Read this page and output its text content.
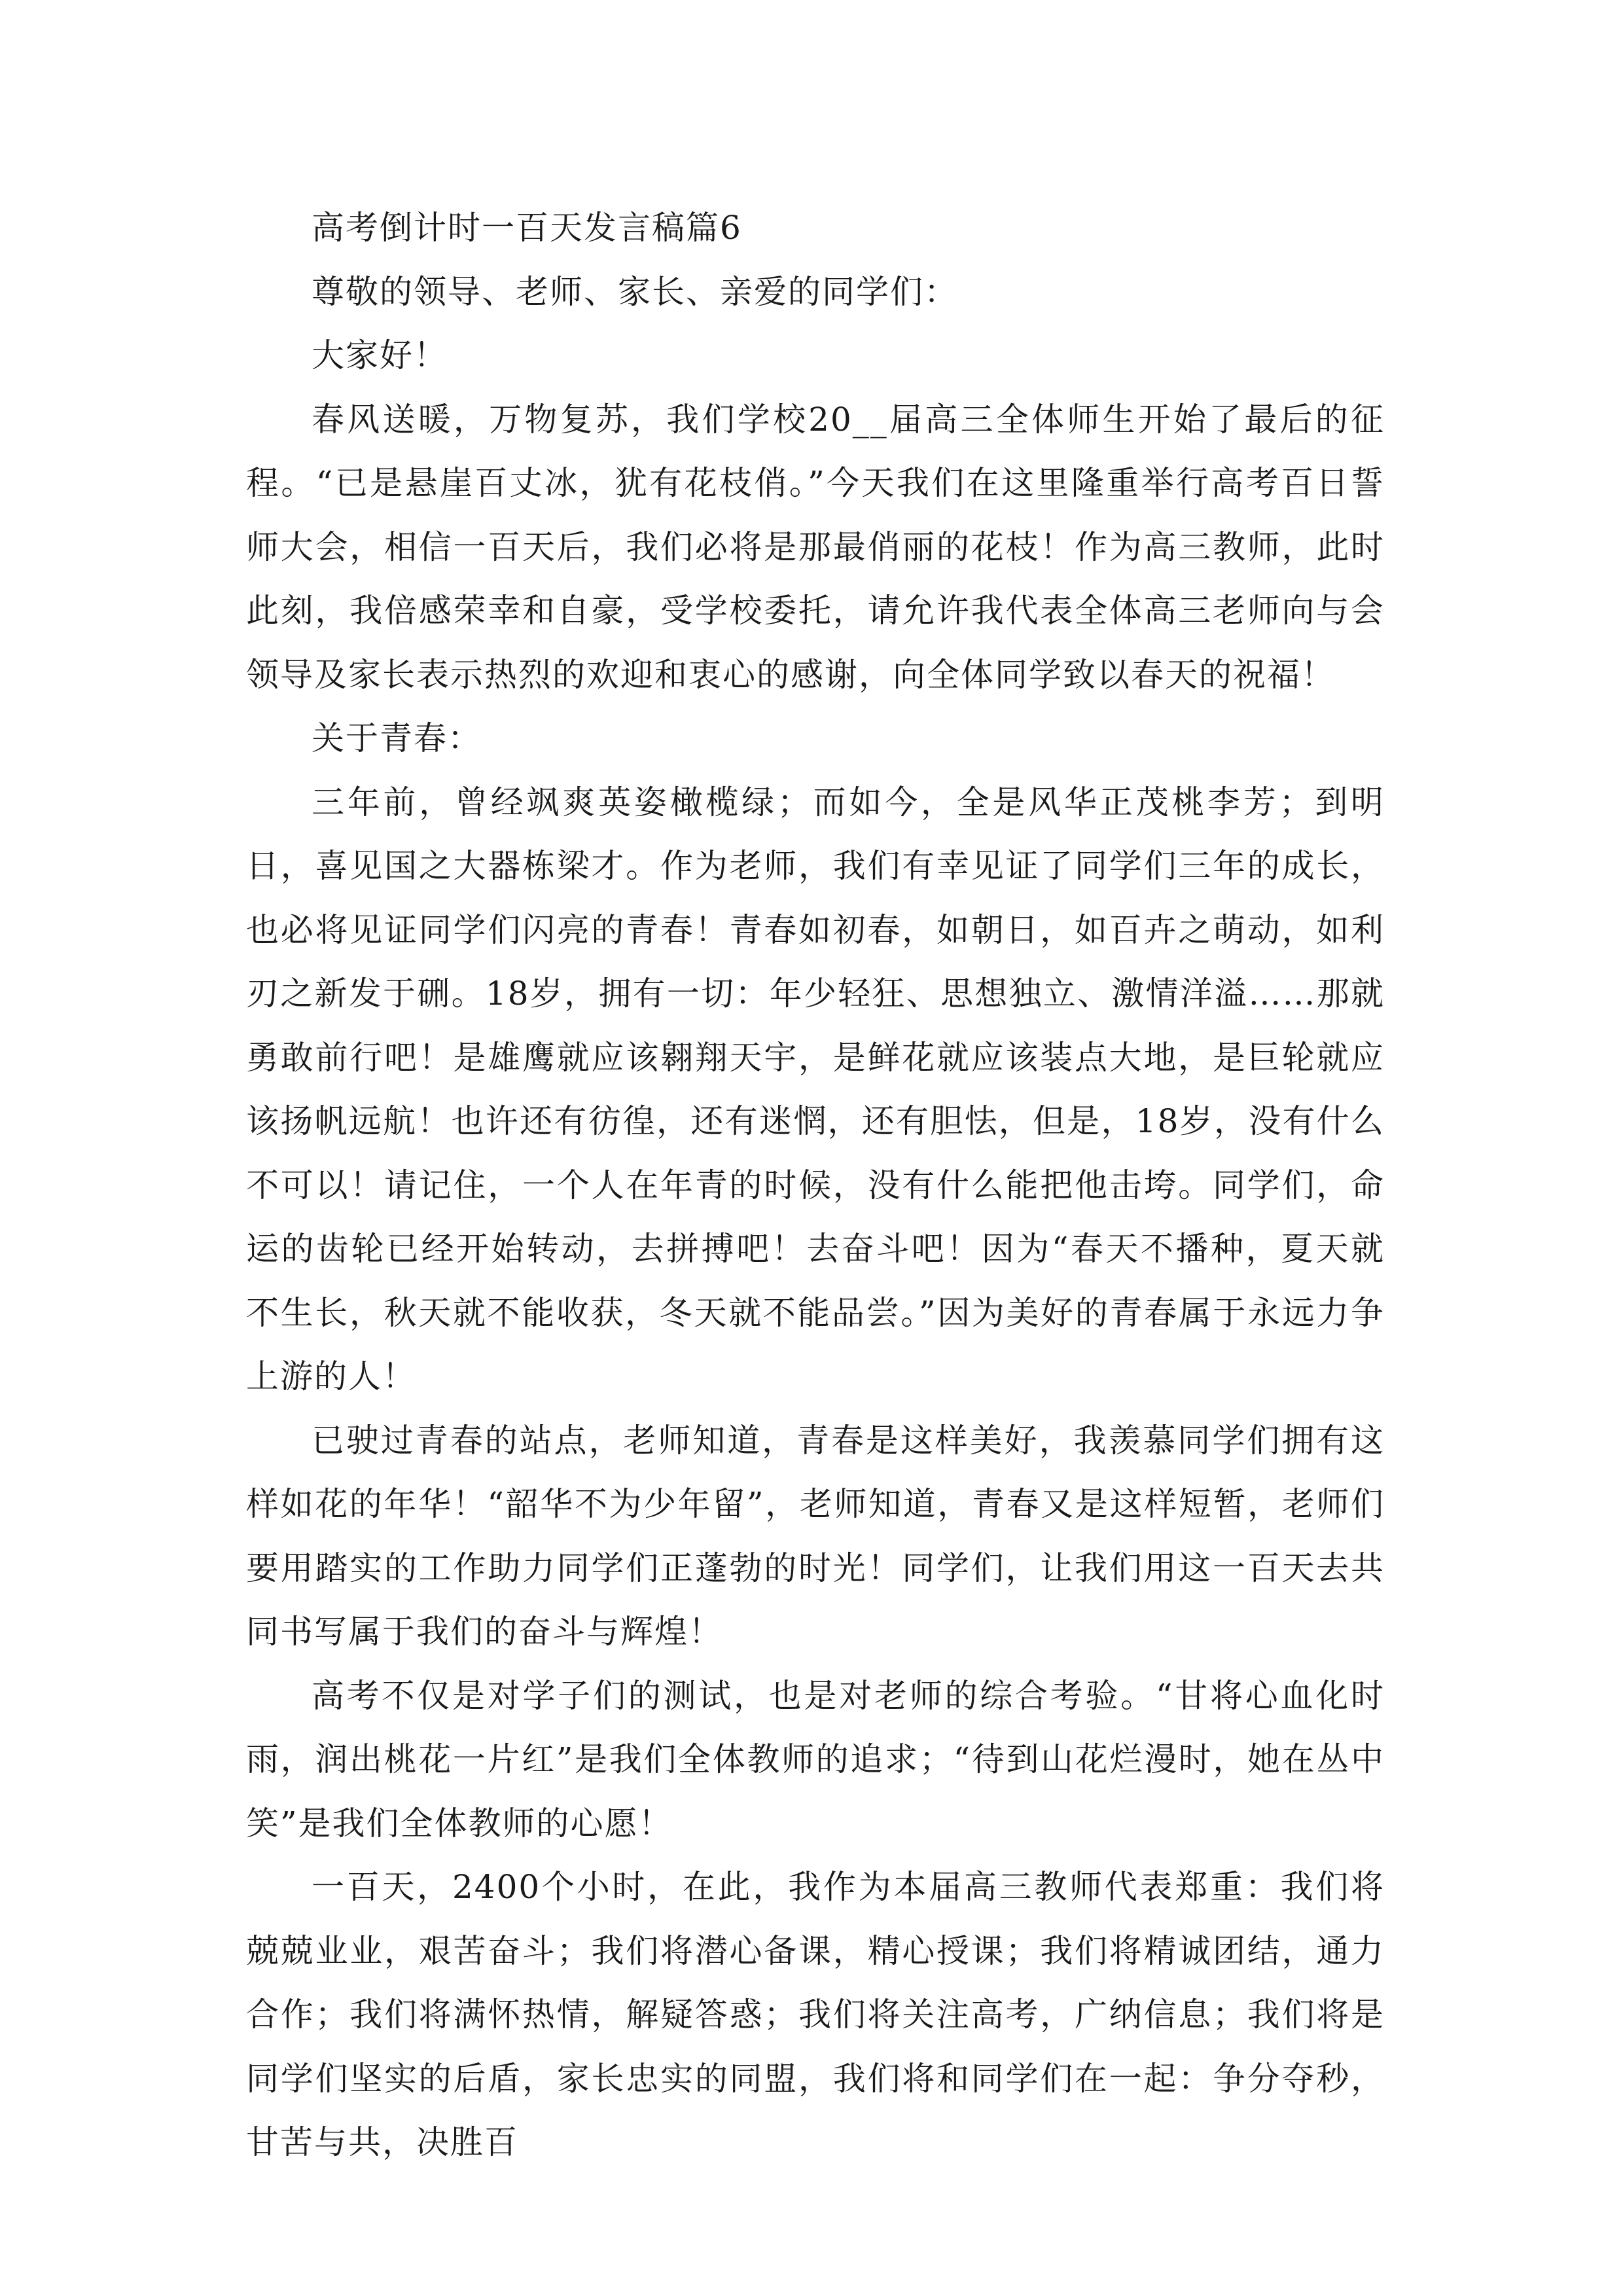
高考倒计时一百天发言稿篇6

尊敬的领导、老师、家长、亲爱的同学们：

大家好！

春风送暖，万物复苏，我们学校20__届高三全体师生开始了最后的征程。“已是悬崖百丈冰，犹有花枝俏。”今天我们在这里隆重举行高考百日誓师大会，相信一百天后，我们必将是那最俏丽的花枝！作为高三教师，此时此刻，我倍感荣幸和自豪，受学校委托，请允许我代表全体高三老师向与会领导及家长表示热烈的欢迎和衷心的感谢，向全体同学致以春天的祝福！

关于青春：

三年前，曾经飒爽英姿橄榄绿；而如今，全是风华正茂桃李芳；到明日，喜见国之大器栋梁才。作为老师，我们有幸见证了同学们三年的成长，也必将见证同学们闪亮的青春！青春如初春，如朝日，如百卉之萌动，如利刃之新发于硎。18岁，拥有一切：年少轻狂、思想独立、激情洋溢……那就勇敢前行吧！是雄鹰就应该翱翔天宇，是鲜花就应该装点大地，是巨轮就应该扬帆远航！也许还有彷徨，还有迷惘，还有胆怯，但是，18岁，没有什么不可以！请记住，一个人在年青的时候，没有什么能把他击垮。同学们，命运的齿轮已经开始转动，去拼搏吧！去奋斗吧！因为“春天不播种，夏天就不生长，秋天就不能收获，冬天就不能品尝。”因为美好的青春属于永远力争上游的人！

已驶过青春的站点，老师知道，青春是这样美好，我羡慕同学们拥有这样如花的年华！“韶华不为少年留”，老师知道，青春又是这样短暂，老师们要用踏实的工作助力同学们正蓬勃的时光！同学们，让我们用这一百天去共同书写属于我们的奋斗与辉煌！

高考不仅是对学子们的测试，也是对老师的综合考验。“甘将心血化时雨，润出桃花一片红”是我们全体教师的追求；“待到山花烂漫时，她在丛中笑”是我们全体教师的心愿！

一百天，2400个小时，在此，我作为本届高三教师代表郑重：我们将兢兢业业，艰苦奋斗；我们将潜心备课，精心授课；我们将精诚团结，通力合作；我们将满怀热情，解疑答惑；我们将关注高考，广纳信息；我们将是同学们坚实的后盾，家长忠实的同盟，我们将和同学们在一起：争分夺秒，甘苦与共，决胜百
